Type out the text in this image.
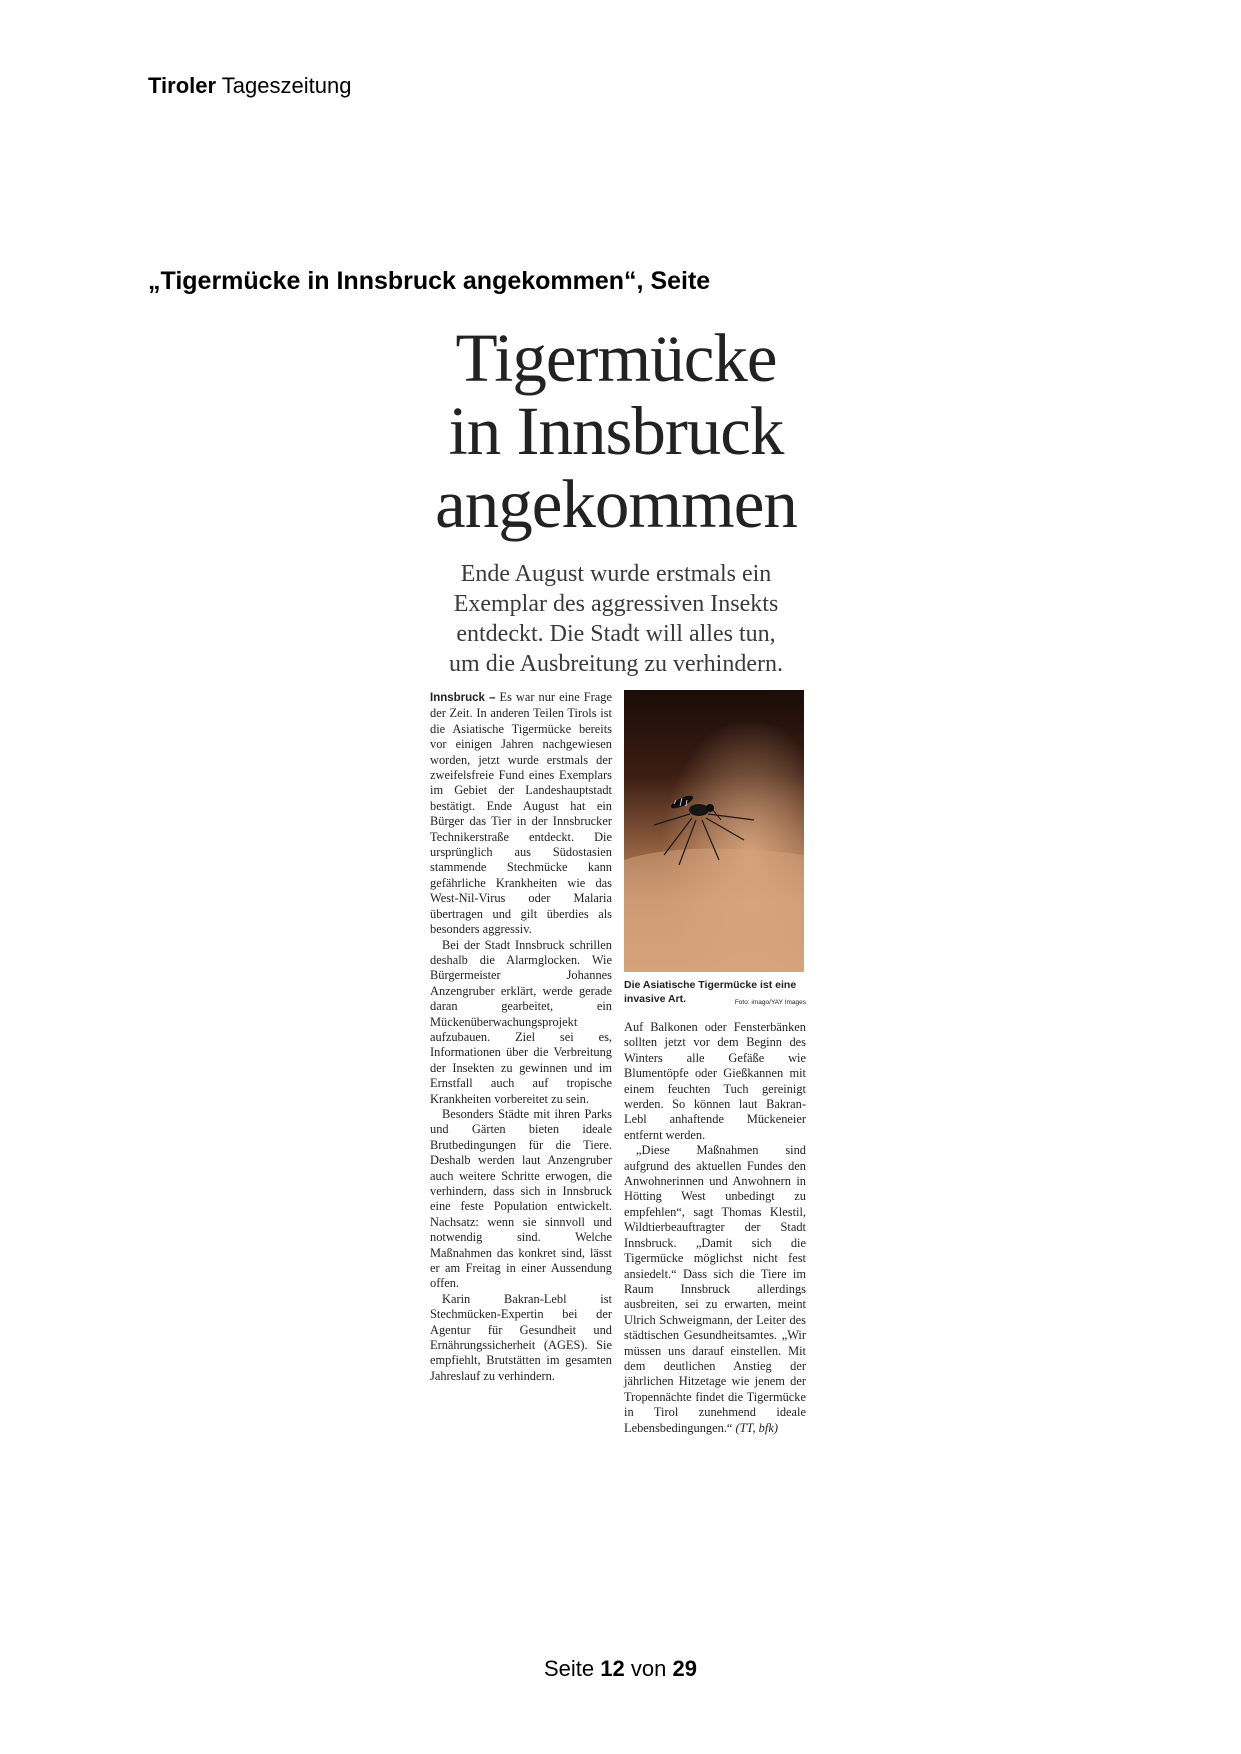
Tiroler Tageszeitung
„Tigermücke in Innsbruck angekommen“, Seite
Tigermücke
in Innsbruck
angekommen
Ende August wurde erstmals ein
Exemplar des aggressiven Insekts
entdeckt. Die Stadt will alles tun,
um die Ausbreitung zu verhindern.

Innsbruck – Es war nur eine Frage der Zeit. In anderen Teilen Tirols ist die Asiatische Tigermücke bereits vor einigen Jahren nachgewiesen worden, jetzt wurde erstmals der zweifelsfreie Fund eines Exemplars im Gebiet der Landeshauptstadt bestätigt. Ende August hat ein Bürger das Tier in der Innsbrucker Technikerstraße entdeckt. Die ursprünglich aus Südostasien stammende Stechmücke kann gefährliche Krankheiten wie das West-Nil-Virus oder Malaria übertragen und gilt überdies als besonders aggressiv.

Bei der Stadt Innsbruck schrillen deshalb die Alarmglocken. Wie Bürgermeister Johannes Anzengruber erklärt, werde gerade daran gearbeitet, ein Mückenüberwachungsprojekt aufzubauen. Ziel sei es, Informationen über die Verbreitung der Insekten zu gewinnen und im Ernstfall auch auf tropische Krankheiten vorbereitet zu sein.

Besonders Städte mit ihren Parks und Gärten bieten ideale Brutbedingungen für die Tiere. Deshalb werden laut Anzengruber auch weitere Schritte erwogen, die verhindern, dass sich in Innsbruck eine feste Population entwickelt. Nachsatz: wenn sie sinnvoll und notwendig sind. Welche Maßnahmen das konkret sind, lässt er am Freitag in einer Aussendung offen.

Karin Bakran-Lebl ist Stechmücken-Expertin bei der Agentur für Gesundheit und Ernährungssicherheit (AGES). Sie empfiehlt, Brutstätten im gesamten Jahreslauf zu verhindern.

Die Asiatische Tigermücke ist eine invasive Art.	Foto: imago/YAY Images

Auf Balkonen oder Fensterbänken sollten jetzt vor dem Beginn des Winters alle Gefäße wie Blumentöpfe oder Gießkannen mit einem feuchten Tuch gereinigt werden. So können laut Bakran-Lebl anhaftende Mückeneier entfernt werden.

„Diese Maßnahmen sind aufgrund des aktuellen Fundes den Anwohnerinnen und Anwohnern in Hötting West unbedingt zu empfehlen“, sagt Thomas Klestil, Wildtierbeauftragter der Stadt Innsbruck. „Damit sich die Tigermücke möglichst nicht fest ansiedelt.“ Dass sich die Tiere im Raum Innsbruck allerdings ausbreiten, sei zu erwarten, meint Ulrich Schweigmann, der Leiter des städtischen Gesundheitsamtes. „Wir müssen uns darauf einstellen. Mit dem deutlichen Anstieg der jährlichen Hitzetage wie jenem der Tropennächte findet die Tigermücke in Tirol zunehmend ideale Lebensbedingungen.“ (TT, bfk)

Seite 12 von 29
